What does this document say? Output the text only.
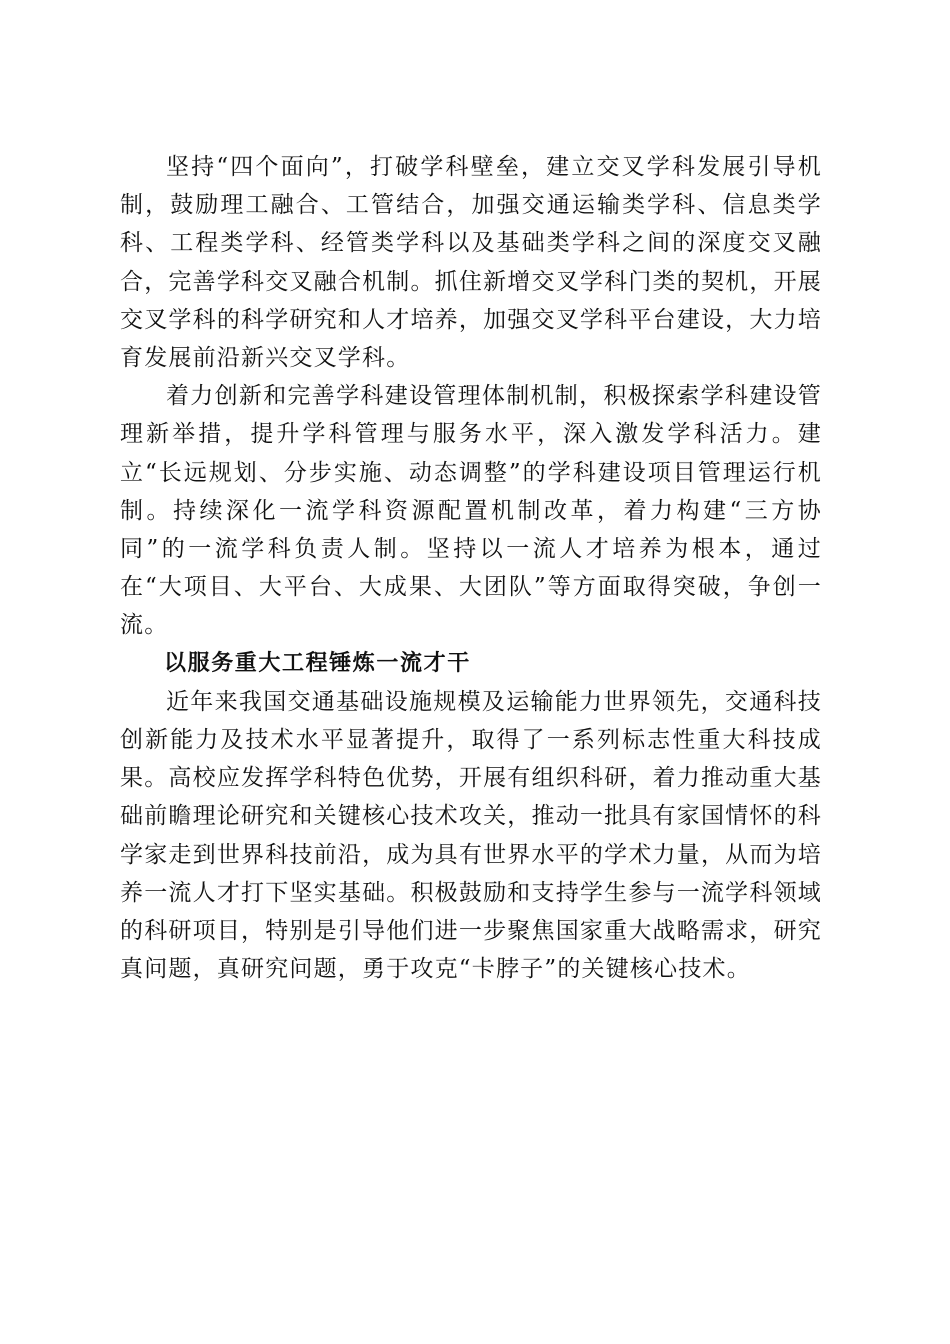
坚持“四个面向”，打破学科壁垒，建立交叉学科发展引导机制，鼓励理工融合、工管结合，加强交通运输类学科、信息类学科、工程类学科、经管类学科以及基础类学科之间的深度交叉融合，完善学科交叉融合机制。抓住新增交叉学科门类的契机，开展交叉学科的科学研究和人才培养，加强交叉学科平台建设，大力培育发展前沿新兴交叉学科。

着力创新和完善学科建设管理体制机制，积极探索学科建设管理新举措，提升学科管理与服务水平，深入激发学科活力。建立“长远规划、分步实施、动态调整”的学科建设项目管理运行机制。持续深化一流学科资源配置机制改革，着力构建“三方协同”的一流学科负责人制。坚持以一流人才培养为根本，通过在“大项目、大平台、大成果、大团队”等方面取得突破，争创一流。

以服务重大工程锤炼一流才干

近年来我国交通基础设施规模及运输能力世界领先，交通科技创新能力及技术水平显著提升，取得了一系列标志性重大科技成果。高校应发挥学科特色优势，开展有组织科研，着力推动重大基础前瞻理论研究和关键核心技术攻关，推动一批具有家国情怀的科学家走到世界科技前沿，成为具有世界水平的学术力量，从而为培养一流人才打下坚实基础。积极鼓励和支持学生参与一流学科领域的科研项目，特别是引导他们进一步聚焦国家重大战略需求，研究真问题，真研究问题，勇于攻克“卡脖子”的关键核心技术。
